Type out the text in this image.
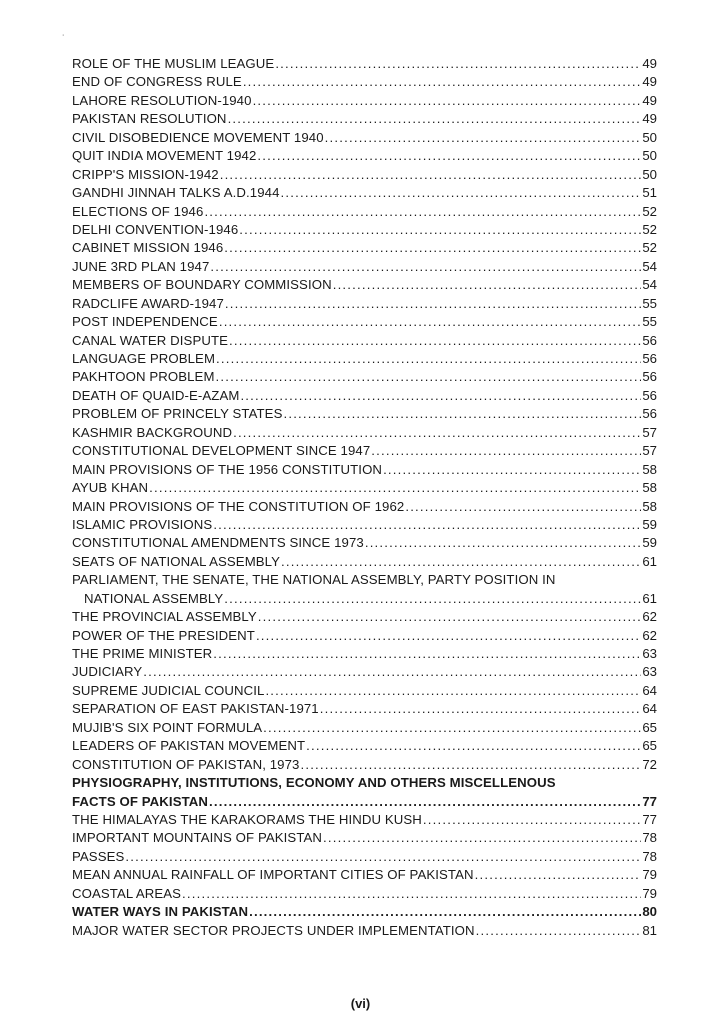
˙
ROLE OF THE MUSLIM LEAGUE .....	49
END OF CONGRESS RULE .....	49
LAHORE RESOLUTION-1940 .....	49
PAKISTAN RESOLUTION .....	49
CIVIL DISOBEDIENCE MOVEMENT 1940 .....	50
QUIT INDIA MOVEMENT 1942 .....	50
CRIPP'S MISSION-1942 .....	50
GANDHI JINNAH TALKS A.D.1944 .....	51
ELECTIONS OF 1946 .....	52
DELHI CONVENTION-1946 .....	52
CABINET MISSION 1946 .....	52
JUNE 3RD PLAN 1947 .....	54
MEMBERS OF BOUNDARY COMMISSION .....	54
RADCLIFE AWARD-1947 .....	55
POST INDEPENDENCE .....	55
CANAL WATER DISPUTE .....	56
LANGUAGE PROBLEM .....	56
PAKHTOON PROBLEM .....	56
DEATH OF QUAID-E-AZAM .....	56
PROBLEM OF PRINCELY STATES .....	56
KASHMIR BACKGROUND .....	57
CONSTITUTIONAL DEVELOPMENT SINCE 1947 .....	57
MAIN PROVISIONS OF THE 1956 CONSTITUTION .....	58
AYUB KHAN .....	58
MAIN PROVISIONS OF THE CONSTITUTION OF 1962 .....	58
ISLAMIC PROVISIONS .....	59
CONSTITUTIONAL AMENDMENTS SINCE 1973 .....	59
SEATS OF NATIONAL ASSEMBLY .....	61
PARLIAMENT, THE SENATE, THE NATIONAL ASSEMBLY, PARTY POSITION IN
NATIONAL ASSEMBLY .....	61
THE PROVINCIAL ASSEMBLY .....	62
POWER OF THE PRESIDENT .....	62
THE PRIME MINISTER .....	63
JUDICIARY .....	63
SUPREME JUDICIAL COUNCIL .....	64
SEPARATION OF EAST PAKISTAN-1971 .....	64
MUJIB'S SIX POINT FORMULA .....	65
LEADERS OF PAKISTAN MOVEMENT .....	65
CONSTITUTION OF PAKISTAN, 1973 .....	72
PHYSIOGRAPHY, INSTITUTIONS, ECONOMY AND OTHERS MISCELLENOUS
FACTS OF PAKISTAN .....	77
THE HIMALAYAS THE KARAKORAMS THE HINDU KUSH .....	77
IMPORTANT MOUNTAINS OF PAKISTAN .....	78
PASSES .....	78
MEAN ANNUAL RAINFALL OF IMPORTANT CITIES OF PAKISTAN .....	79
COASTAL AREAS .....	79
WATER WAYS IN PAKISTAN .....	80
MAJOR WATER SECTOR PROJECTS UNDER IMPLEMENTATION .....	81
(vi)
